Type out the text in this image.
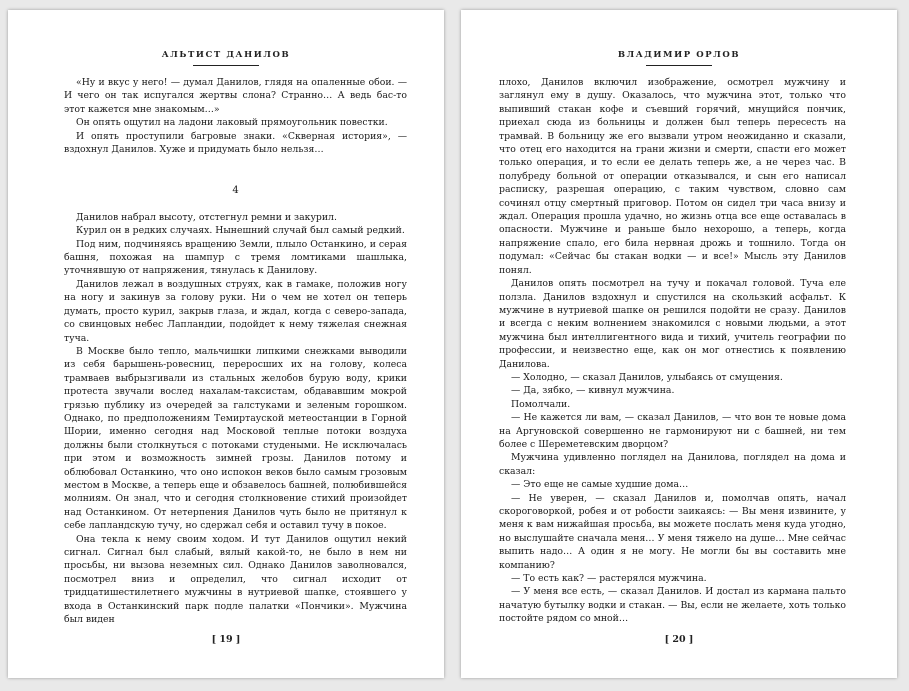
АЛЬТИСТ ДАНИЛОВ

«Ну и вкус у него! — думал Данилов, глядя на опаленные обои. — И чего он так испугался жертвы слона? Странно… А ведь бас-то этот кажется мне знакомым…»

Он опять ощутил на ладони лаковый прямоугольник повестки.

И опять проступили багровые знаки. «Скверная история», — вздохнул Данилов. Хуже и придумать было нельзя…

4

Данилов набрал высоту, отстегнул ремни и закурил.

Курил он в редких случаях. Нынешний случай был самый редкий.

Под ним, подчиняясь вращению Земли, плыло Останкино, и серая башня, похожая на шампур с тремя ломтиками шашлыка, уточнявшую от напряжения, тянулась к Данилову.

Данилов лежал в воздушных струях, как в гамаке, положив ногу на ногу и закинув за голову руки. Ни о чем не хотел он теперь думать, просто курил, закрыв глаза, и ждал, когда с северо-запада, со свинцовых небес Лапландии, подойдет к нему тяжелая снежная туча.

В Москве было тепло, мальчишки липкими снежками выводили из себя барышень-ровесниц, переросших их на голову, колеса трамваев выбрызгивали из стальных желобов бурую воду, крики протеста звучали вослед нахалам-таксистам, обдававшим мокрой грязью публику из очередей за галстуками и зеленым горошком. Однако, по предположениям Темиртауской метеостанции в Горной Шории, именно сегодня над Московой теплые потоки воздуха должны были столкнуться с потоками студеными. Не исключалась при этом и возможность зимней грозы. Данилов потому и облюбовал Останкино, что оно испокон веков было самым грозовым местом в Москве, а теперь еще и обзавелось башней, полюбившейся молниям. Он знал, что и сегодня столкновение стихий произойдет над Останкином. От нетерпения Данилов чуть было не притянул к себе лапландскую тучу, но сдержал себя и оставил тучу в покое.

Она текла к нему своим ходом. И тут Данилов ощутил некий сигнал. Сигнал был слабый, вялый какой-то, не было в нем ни просьбы, ни вызова неземных сил. Однако Данилов заволновался, посмотрел вниз и определил, что сигнал исходит от тридцатишестилетнего мужчины в нутриевой шапке, стоявшего у входа в Останкинский парк подле палатки «Пончики». Мужчина был виден

[ 19 ]
ВЛАДИМИР ОРЛОВ

плохо, Данилов включил изображение, осмотрел мужчину и заглянул ему в душу. Оказалось, что мужчина этот, только что выпивший стакан кофе и съевший горячий, мнущийся пончик, приехал сюда из больницы и должен был теперь пересесть на трамвай. В больницу же его вызвали утром неожиданно и сказали, что отец его находится на грани жизни и смерти, спасти его может только операция, и то если ее делать теперь же, а не через час. В полубреду больной от операции отказывался, и сын его написал расписку, разрешая операцию, с таким чувством, словно сам сочинял отцу смертный приговор. Потом он сидел три часа внизу и ждал. Операция прошла удачно, но жизнь отца все еще оставалась в опасности. Мужчине и раньше было нехорошо, а теперь, когда напряжение спало, его била нервная дрожь и тошнило. Тогда он подумал: «Сейчас бы стакан водки — и все!» Мысль эту Данилов понял.

Данилов опять посмотрел на тучу и покачал головой. Туча еле ползла. Данилов вздохнул и спустился на скользкий асфальт. К мужчине в нутриевой шапке он решился подойти не сразу. Данилов и всегда с неким волнением знакомился с новыми людьми, а этот мужчина был интеллигентного вида и тихий, учитель географии по профессии, и неизвестно еще, как он мог отнестись к появлению Данилова.

— Холодно, — сказал Данилов, улыбаясь от смущения.

— Да, зябко, — кивнул мужчина.

Помолчали.

— Не кажется ли вам, — сказал Данилов, — что вон те новые дома на Аргуновской совершенно не гармонируют ни с башней, ни тем более с Шереметевским дворцом?

Мужчина удивленно поглядел на Данилова, поглядел на дома и сказал:

— Это еще не самые худшие дома…

— Не уверен, — сказал Данилов и, помолчав опять, начал скороговоркой, робея и от робости заикаясь: — Вы меня извините, у меня к вам нижайшая просьба, вы можете послать меня куда угодно, но выслушайте сначала меня… У меня тяжело на душе… Мне сейчас выпить надо… А один я не могу. Не могли бы вы составить мне компанию?

— То есть как? — растерялся мужчина.

— У меня все есть, — сказал Данилов. И достал из кармана пальто начатую бутылку водки и стакан. — Вы, если не желаете, хоть только постойте рядом со мной…

[ 20 ]
